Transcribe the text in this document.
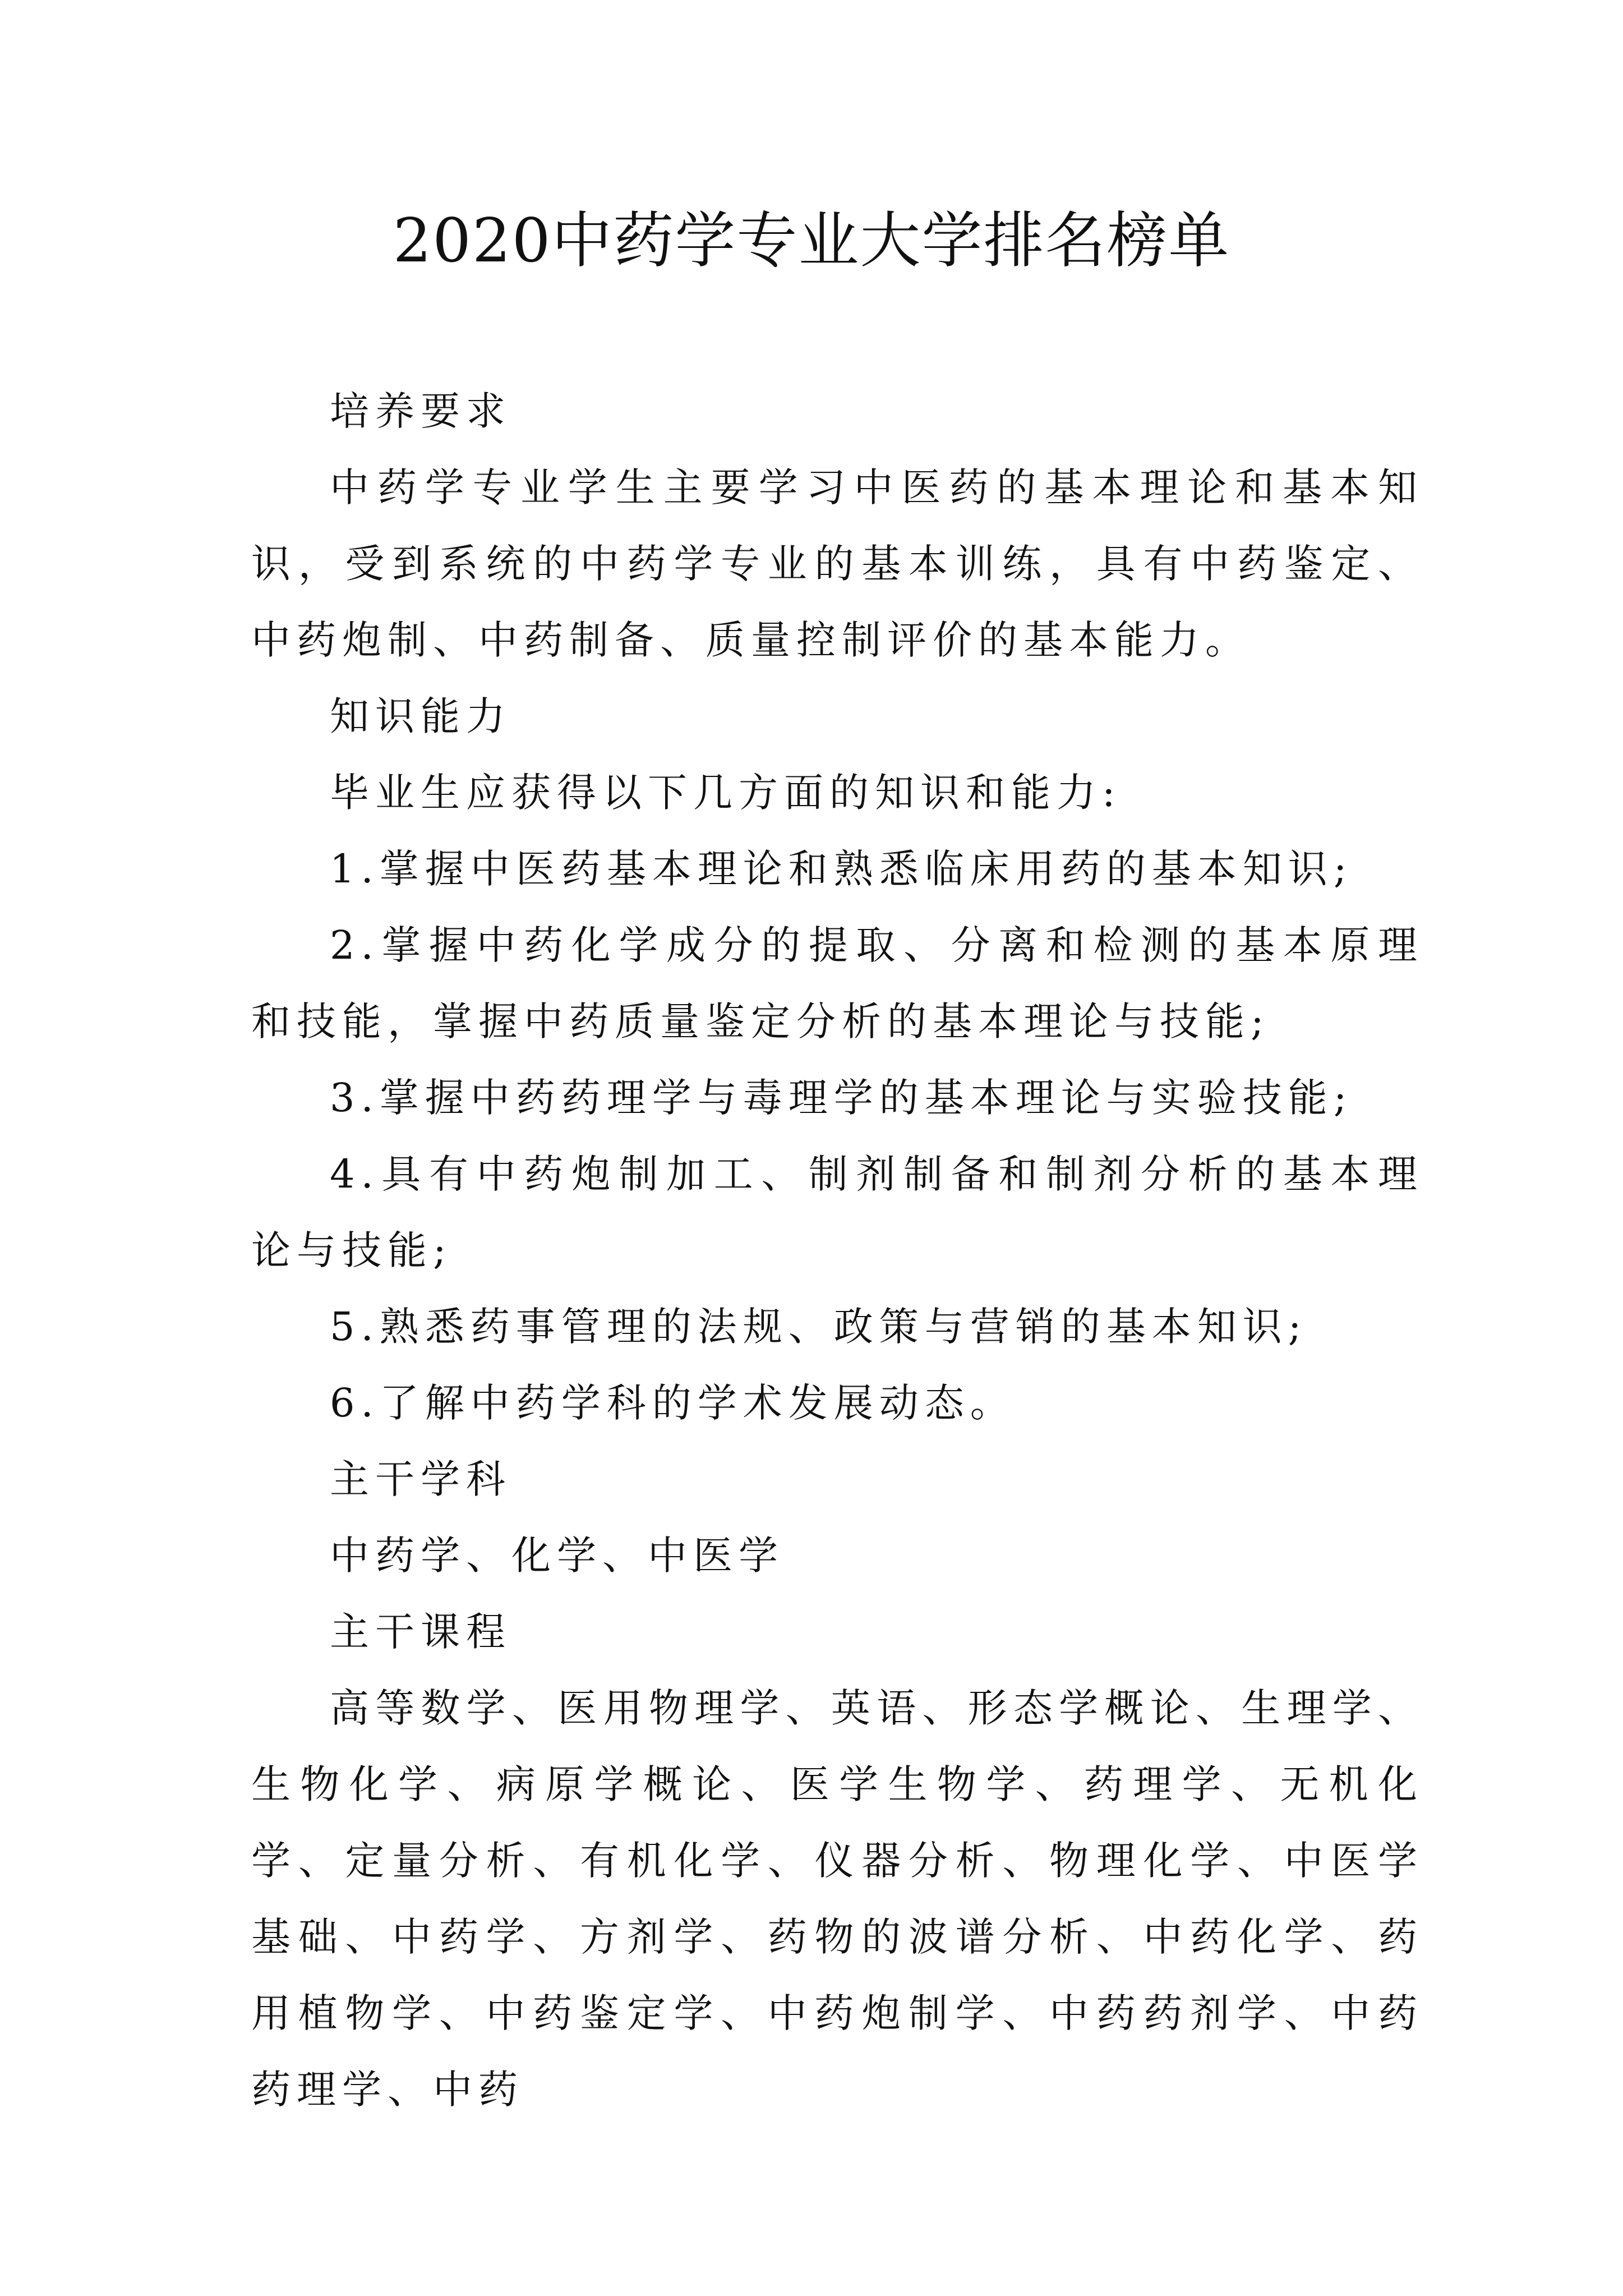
2020中药学专业大学排名榜单

培养要求

中药学专业学生主要学习中医药的基本理论和基本知识，受到系统的中药学专业的基本训练，具有中药鉴定、中药炮制、中药制备、质量控制评价的基本能力。

知识能力

毕业生应获得以下几方面的知识和能力:

1.掌握中医药基本理论和熟悉临床用药的基本知识;

2.掌握中药化学成分的提取、分离和检测的基本原理和技能，掌握中药质量鉴定分析的基本理论与技能;

3.掌握中药药理学与毒理学的基本理论与实验技能;

4.具有中药炮制加工、制剂制备和制剂分析的基本理论与技能;

5.熟悉药事管理的法规、政策与营销的基本知识;

6.了解中药学科的学术发展动态。

主干学科

中药学、化学、中医学

主干课程

高等数学、医用物理学、英语、形态学概论、生理学、生物化学、病原学概论、医学生物学、药理学、无机化学、定量分析、有机化学、仪器分析、物理化学、中医学基础、中药学、方剂学、药物的波谱分析、中药化学、药用植物学、中药鉴定学、中药炮制学、中药药剂学、中药药理学、中药
